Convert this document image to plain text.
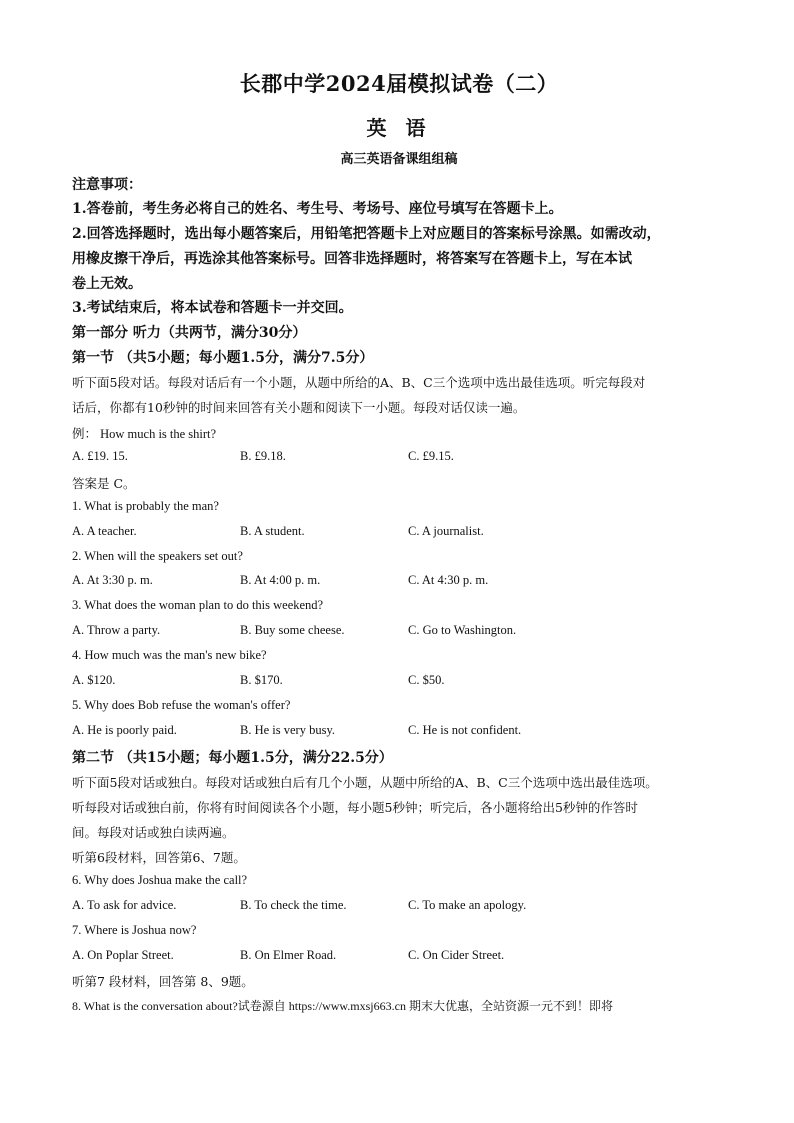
长郡中学2024届模拟试卷（二）
英 语
高三英语备课组组稿
注意事项：
1.答卷前，考生务必将自己的姓名、考生号、考场号、座位号填写在答题卡上。
2.回答选择题时，选出每小题答案后，用铅笔把答题卡上对应题目的答案标号涂黑。如需改动，
用橡皮擦干净后，再选涂其他答案标号。回答非选择题时，将答案写在答题卡上，写在本试
卷上无效。
3.考试结束后，将本试卷和答题卡一并交回。
第一部分 听力（共两节，满分30分）
第一节 （共5小题；每小题1.5分，满分7.5分）
听下面5段对话。每段对话后有一个小题，从题中所给的A、B、C三个选项中选出最佳选项。听完每段对
话后，你都有10秒钟的时间来回答有关小题和阅读下一小题。每段对话仅读一遍。
例： How much is the shirt?
A. £19. 15.	B. £9.18.	C. £9.15.
答案是 C。
1. What is probably the man?
A. A teacher.	B. A student.	C. A journalist.
2. When will the speakers set out?
A. At 3:30 p. m.	B. At 4:00 p. m.	C. At 4:30 p. m.
3. What does the woman plan to do this weekend?
A. Throw a party.	B. Buy some cheese.	C. Go to Washington.
4. How much was the man's new bike?
A. $120.	B. $170.	C. $50.
5. Why does Bob refuse the woman's offer?
A. He is poorly paid.	B. He is very busy.	C. He is not confident.
第二节 （共15小题；每小题1.5分，满分22.5分）
听下面5段对话或独白。每段对话或独白后有几个小题，从题中所给的A、B、C三个选项中选出最佳选项。
听每段对话或独白前，你将有时间阅读各个小题，每小题5秒钟；听完后，各小题将给出5秒钟的作答时
间。每段对话或独白读两遍。
听第6段材料，回答第6、7题。
6. Why does Joshua make the call?
A. To ask for advice.	B. To check the time.	C. To make an apology.
7. Where is Joshua now?
A. On Poplar Street.	B. On Elmer Road.	C. On Cider Street.
听第7 段材料，回答第 8、9题。
8. What is the conversation about?试卷源自 https://www.mxsj663.cn 期末大优惠，全站资源一元不到！即将
